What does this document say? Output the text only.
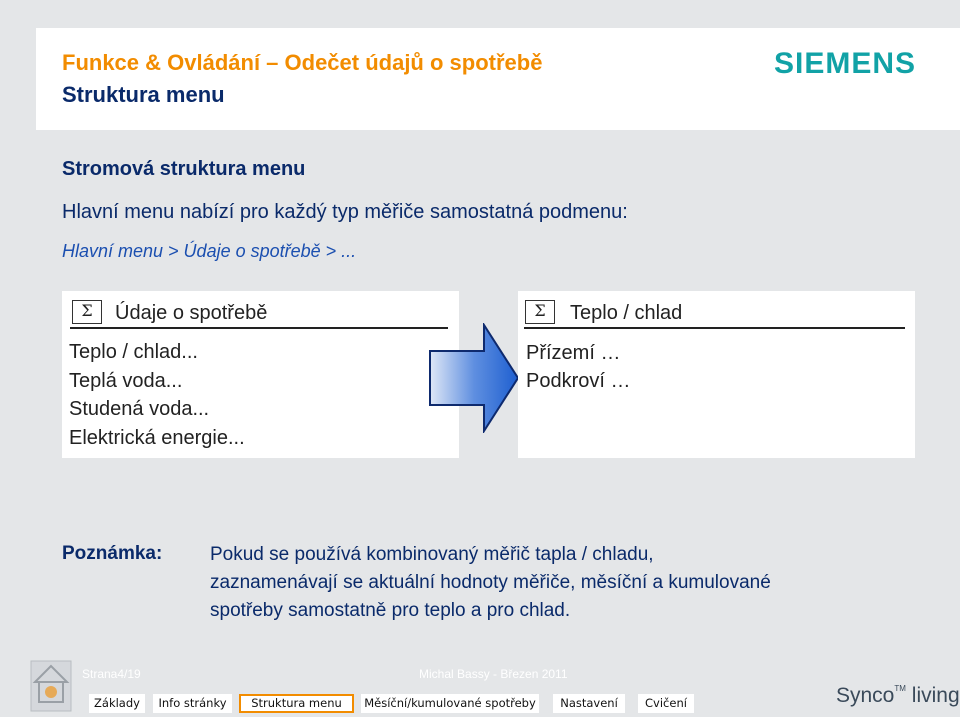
Funkce & Ovládání – Odečet údajů o spotřebě
Struktura menu
SIEMENS
Stromová struktura menu
Hlavní menu nabízí pro každý typ měřiče samostatná podmenu:
Hlavní menu > Údaje o spotřebě > ...
Σ	Údaje o spotřebě
Teplo / chlad...
Teplá voda...
Studená voda...
Elektrická energie...
Σ	Teplo / chlad
Přízemí …
Podkroví …
Poznámka:	Pokud se používá kombinovaný měřič tapla / chladu,
zaznamenávají se aktuální hodnoty měřiče, měsíční a kumulované
spotřeby samostatně pro teplo a pro chlad.
Strana4/19	Michal Bassy - Březen 2011
Základy	Info stránky	Struktura menu	Měsíční/kumulované spotřeby	Nastavení	Cvičení	Synco™ living
